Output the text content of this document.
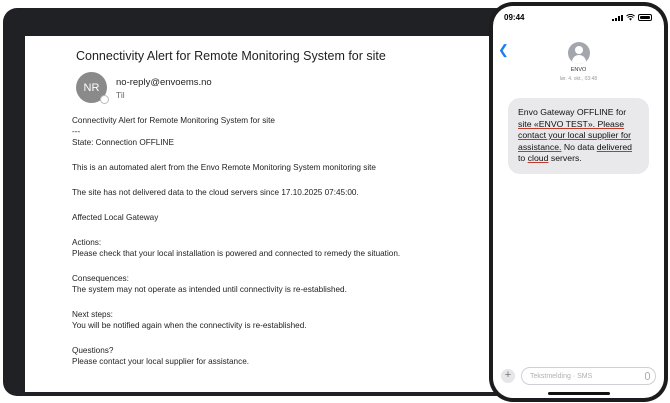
Connectivity Alert for Remote Monitoring System for site
NR no-reply@envoems.no
Til
Connectivity Alert for Remote Monitoring System for site
---
State: Connection OFFLINE
This is an automated alert from the Envo Remote Monitoring System monitoring site
The site has not delivered data to the cloud servers since 17.10.2025 07:45:00.
Affected Local Gateway
Actions:
Please check that your local installation is powered and connected to remedy the situation.
Consequences:
The system may not operate as intended until connectivity is re-established.
Next steps:
You will be notified again when the connectivity is re-established.
Questions?
Please contact your local supplier for assistance.
09:44
❮
ENVO
lør. 4. okt., 03:48
Envo Gateway OFFLINE for site «ENVO TEST». Please contact your local supplier for assistance. No data delivered to cloud servers.
+	Tekstmelding · SMS
